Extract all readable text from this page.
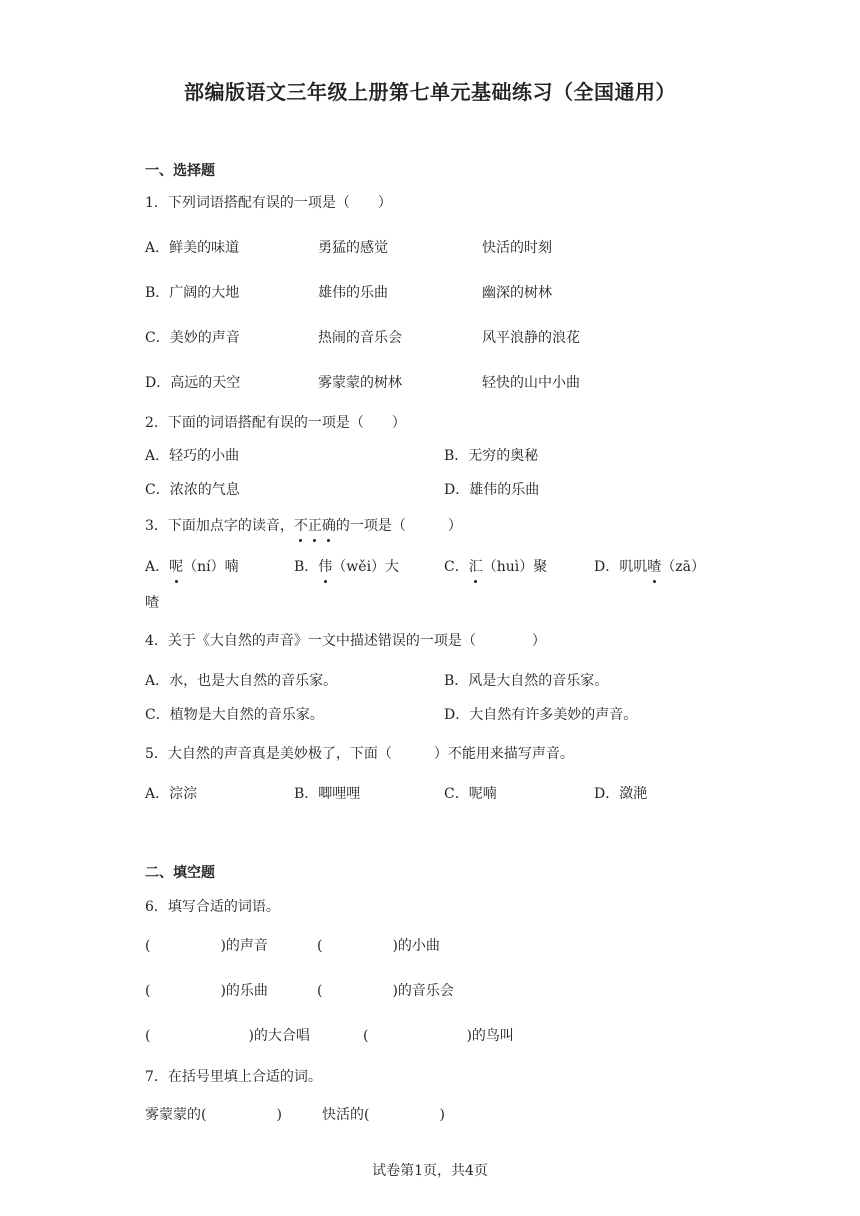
部编版语文三年级上册第七单元基础练习（全国通用）
一、选择题
1．下列词语搭配有误的一项是（　　）
A．鲜美的味道	勇猛的感觉	快活的时刻
B．广阔的大地	雄伟的乐曲	幽深的树林
C．美妙的声音	热闹的音乐会	风平浪静的浪花
D．高远的天空	雾蒙蒙的树林	轻快的山中小曲
2．下面的词语搭配有误的一项是（　　）
A．轻巧的小曲	B．无穷的奥秘
C．浓浓的气息	D．雄伟的乐曲
3．下面加点字的读音，不正确的一项是（　　　）
A．呢（ní）喃	B．伟（wěi）大	C．汇（huì）聚	D．叽叽喳（zā）
喳
4．关于《大自然的声音》一文中描述错误的一项是（　　　　）
A．水，也是大自然的音乐家。	B．风是大自然的音乐家。
C．植物是大自然的音乐家。	D．大自然有许多美妙的声音。
5．大自然的声音真是美妙极了，下面（　　　）不能用来描写声音。
A．淙淙	B．唧哩哩	C．呢喃	D．潋滟
二、填空题
6．填写合适的词语。
(　　　　　)的声音	(　　　　　)的小曲
(　　　　　)的乐曲	(　　　　　)的音乐会
(　　　　　　　)的大合唱	(　　　　　　　)的鸟叫
7．在括号里填上合适的词。
雾蒙蒙的(　　　　　)	快活的(　　　　　)
试卷第1页，共4页
